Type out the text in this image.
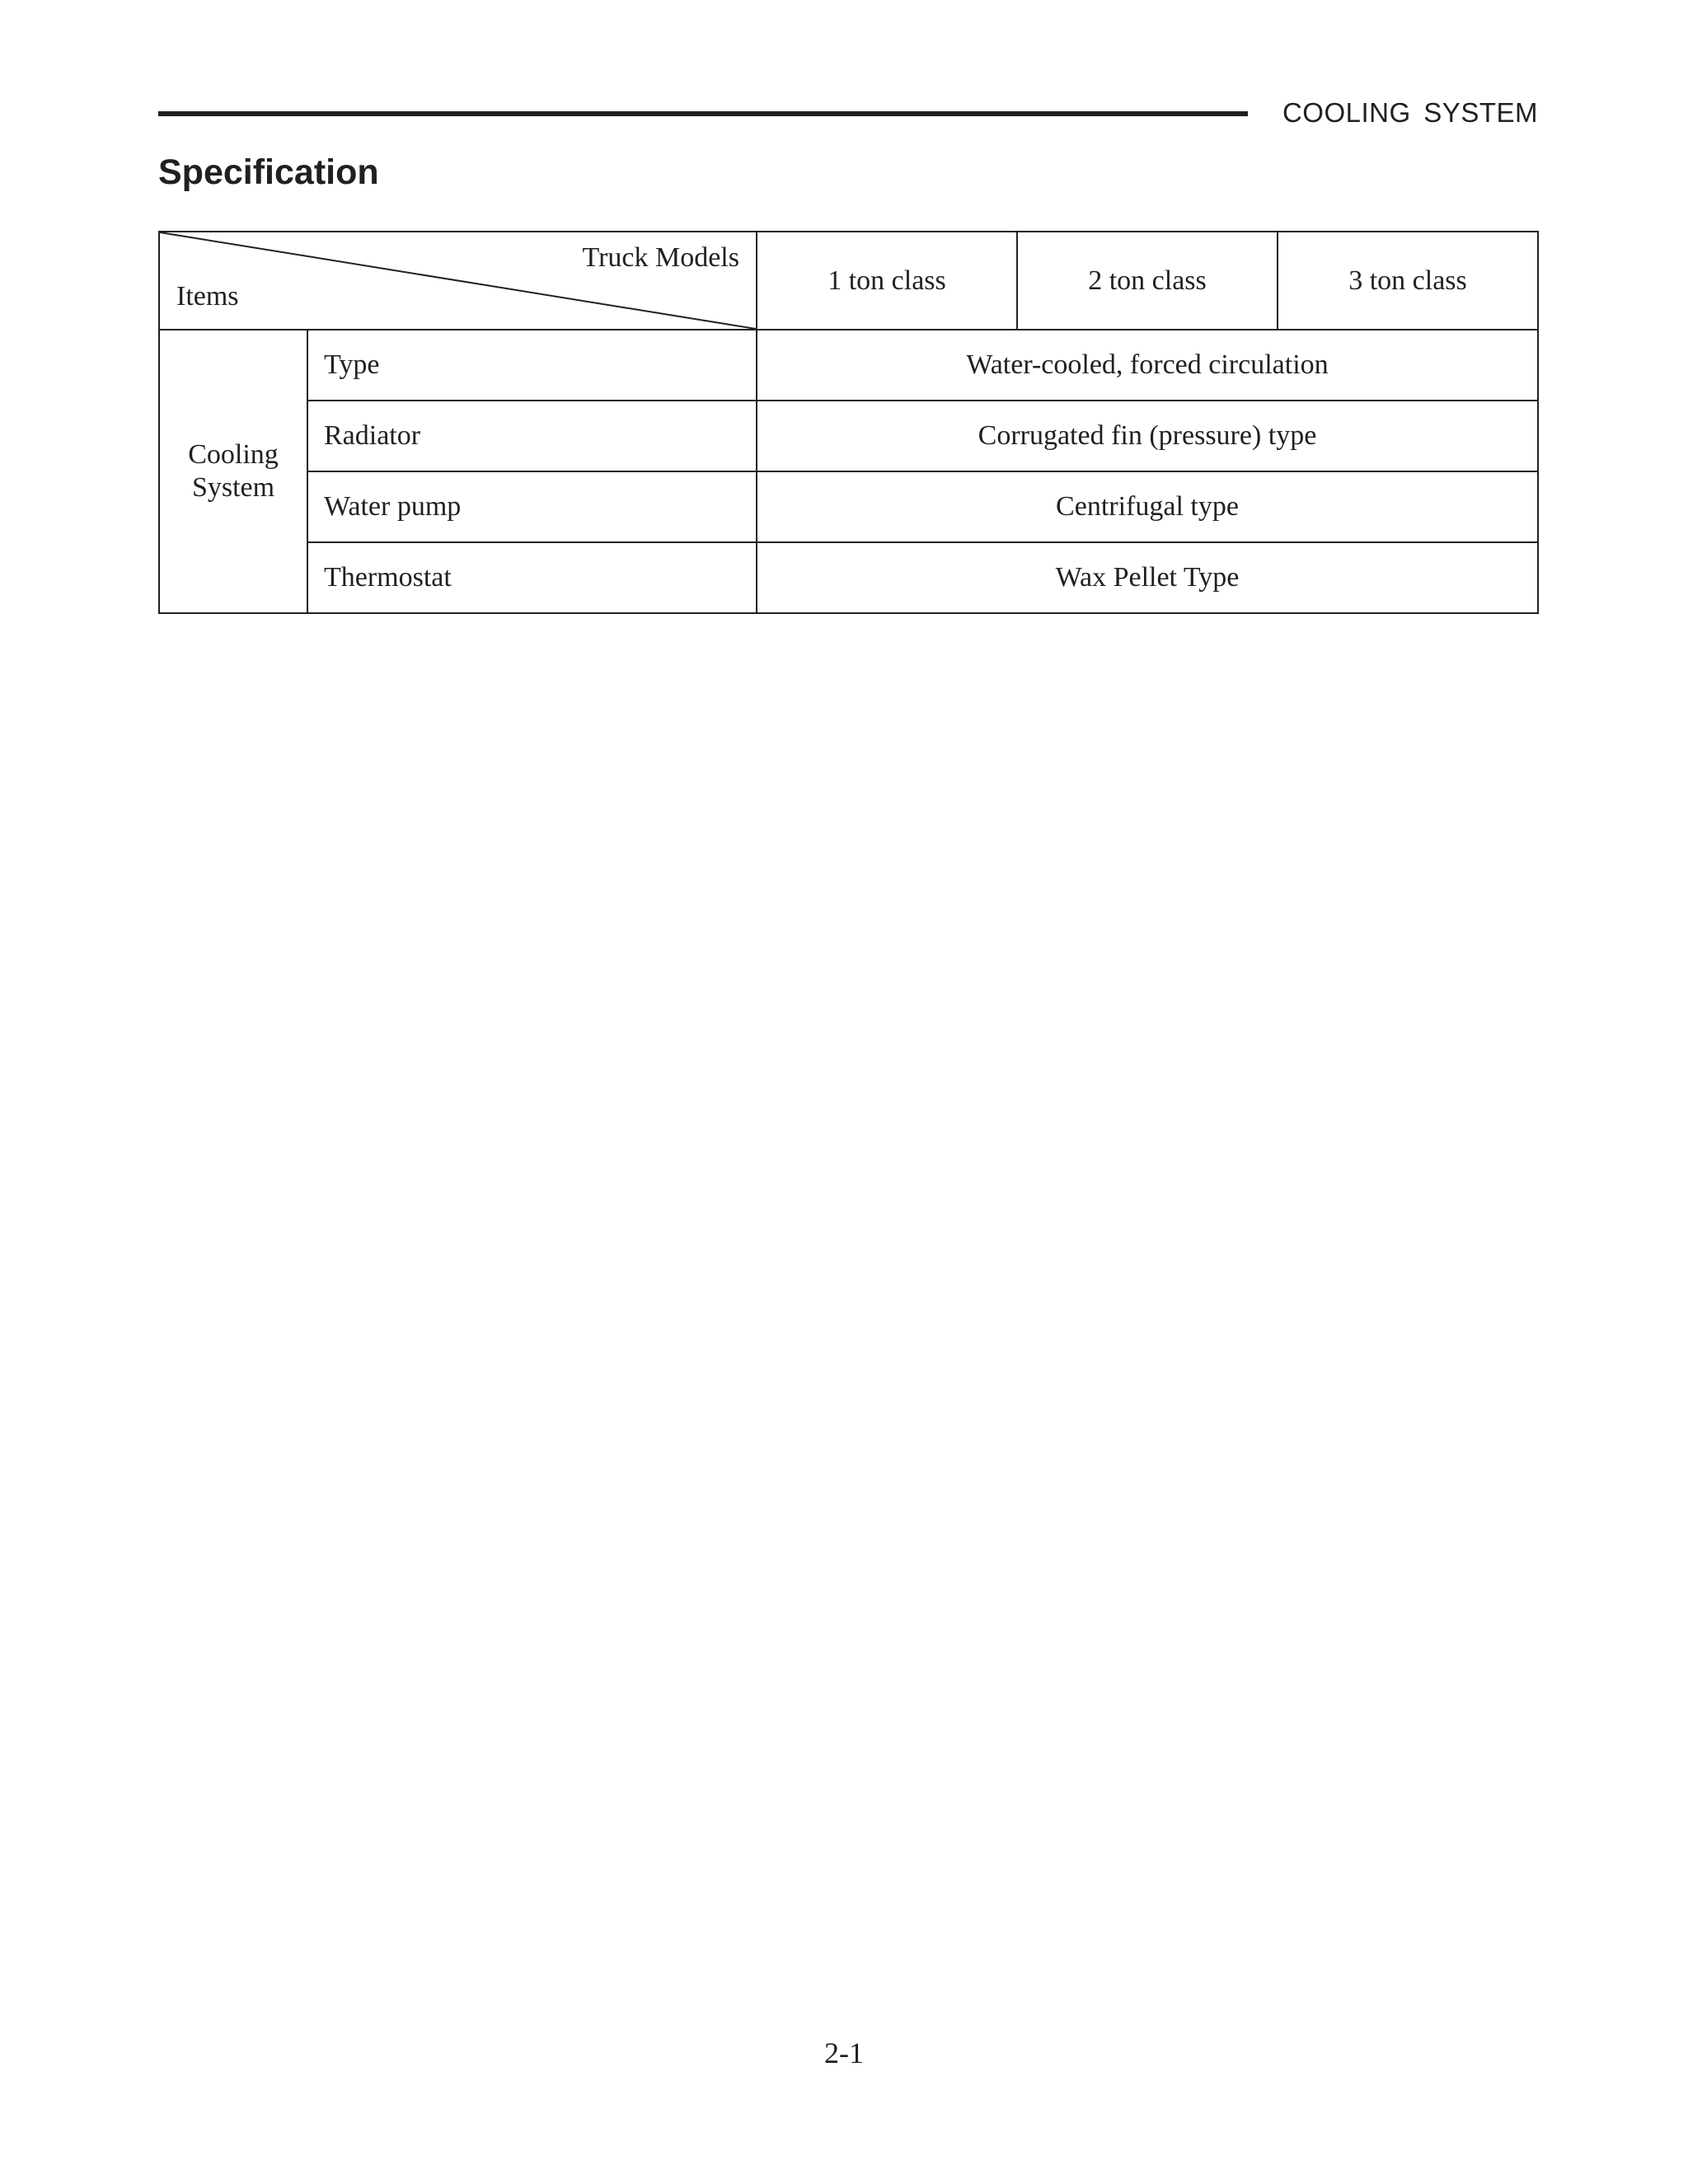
COOLING SYSTEM
Specification
Truck Models
Items		1 ton class	2 ton class	3 ton class

Cooling
System	Type	Water-cooled, forced circulation		
	Radiator	Corrugated fin (pressure) type		
	Water pump	Centrifugal type		
	Thermostat	Wax Pellet Type		
2-1
